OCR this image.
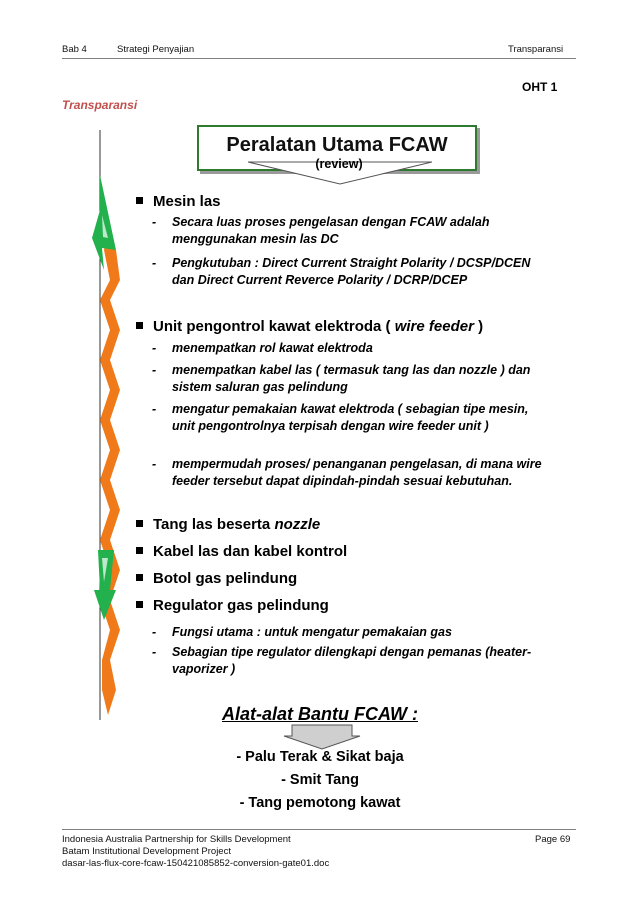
Bab 4	Strategi Penyajian	Transparansi
OHT 1
Transparansi
Peralatan Utama FCAW
(review)
Mesin las
-	Secara luas proses pengelasan dengan FCAW adalah menggunakan mesin las DC
-	Pengkutuban : Direct Current Straight Polarity / DCSP/DCEN dan Direct Current Reverce Polarity / DCRP/DCEP
Unit pengontrol kawat elektroda ( wire feeder )
-	menempatkan rol kawat elektroda
-	menempatkan kabel las ( termasuk tang las dan nozzle ) dan sistem saluran gas pelindung
-	mengatur pemakaian kawat elektroda ( sebagian tipe mesin, unit pengontrolnya terpisah dengan wire feeder unit )
-	mempermudah proses/ penanganan pengelasan, di mana wire feeder tersebut dapat dipindah-pindah sesuai kebutuhan.
Tang las beserta nozzle
Kabel las dan kabel kontrol
Botol gas pelindung
Regulator gas pelindung
-	Fungsi utama : untuk mengatur pemakaian gas
-	Sebagian tipe regulator dilengkapi dengan pemanas (heater-vaporizer )
Alat-alat Bantu FCAW :
- Palu Terak & Sikat baja
- Smit Tang
- Tang pemotong kawat
Indonesia Australia Partnership for Skills Development
Batam Institutional Development Project
dasar-las-flux-core-fcaw-150421085852-conversion-gate01.doc
Page 69
